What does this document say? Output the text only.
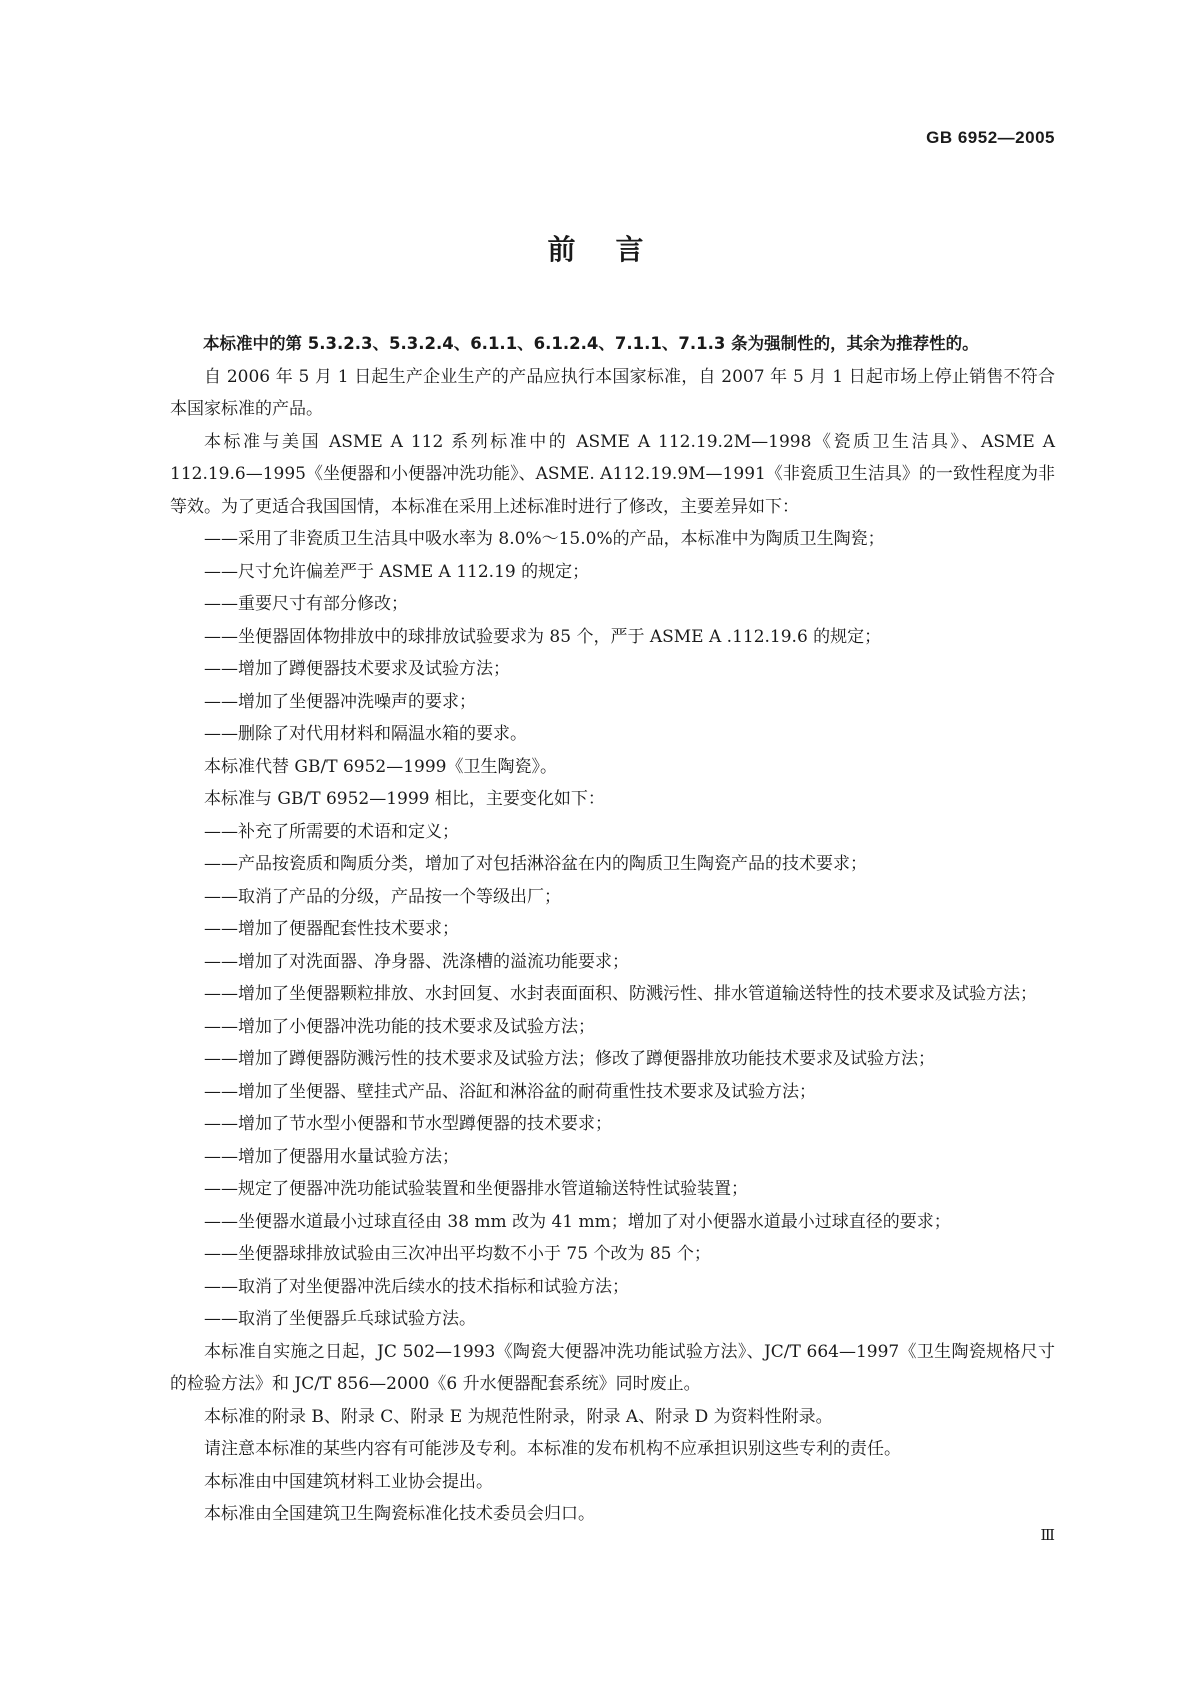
GB 6952—2005
前言

本标准中的第 5.3.2.3、5.3.2.4、6.1.1、6.1.2.4、7.1.1、7.1.3 条为强制性的，其余为推荐性的。

自 2006 年 5 月 1 日起生产企业生产的产品应执行本国家标准，自 2007 年 5 月 1 日起市场上停止销售不符合本国家标准的产品。

本标准与美国 ASME A 112 系列标准中的 ASME A 112.19.2M—1998《瓷质卫生洁具》、ASME A 112.19.6—1995《坐便器和小便器冲洗功能》、ASME. A112.19.9M—1991《非瓷质卫生洁具》的一致性程度为非等效。为了更适合我国国情，本标准在采用上述标准时进行了修改，主要差异如下：

——采用了非瓷质卫生洁具中吸水率为 8.0%～15.0%的产品，本标准中为陶质卫生陶瓷；

——尺寸允许偏差严于 ASME A 112.19 的规定；

——重要尺寸有部分修改；

——坐便器固体物排放中的球排放试验要求为 85 个，严于 ASME A .112.19.6 的规定；

——增加了蹲便器技术要求及试验方法；

——增加了坐便器冲洗噪声的要求；

——删除了对代用材料和隔温水箱的要求。

本标准代替 GB/T 6952—1999《卫生陶瓷》。

本标准与 GB/T 6952—1999 相比，主要变化如下：

——补充了所需要的术语和定义；

——产品按瓷质和陶质分类，增加了对包括淋浴盆在内的陶质卫生陶瓷产品的技术要求；

——取消了产品的分级，产品按一个等级出厂；

——增加了便器配套性技术要求；

——增加了对洗面器、净身器、洗涤槽的溢流功能要求；

——增加了坐便器颗粒排放、水封回复、水封表面面积、防溅污性、排水管道输送特性的技术要求及试验方法；

——增加了小便器冲洗功能的技术要求及试验方法；

——增加了蹲便器防溅污性的技术要求及试验方法；修改了蹲便器排放功能技术要求及试验方法；

——增加了坐便器、壁挂式产品、浴缸和淋浴盆的耐荷重性技术要求及试验方法；

——增加了节水型小便器和节水型蹲便器的技术要求；

——增加了便器用水量试验方法；

——规定了便器冲洗功能试验装置和坐便器排水管道输送特性试验装置；

——坐便器水道最小过球直径由 38 mm 改为 41 mm；增加了对小便器水道最小过球直径的要求；

——坐便器球排放试验由三次冲出平均数不小于 75 个改为 85 个；

——取消了对坐便器冲洗后续水的技术指标和试验方法；

——取消了坐便器乒乓球试验方法。

本标准自实施之日起，JC 502—1993《陶瓷大便器冲洗功能试验方法》、JC/T 664—1997《卫生陶瓷规格尺寸的检验方法》和 JC/T 856—2000《6 升水便器配套系统》同时废止。

本标准的附录 B、附录 C、附录 E 为规范性附录，附录 A、附录 D 为资料性附录。

请注意本标准的某些内容有可能涉及专利。本标准的发布机构不应承担识别这些专利的责任。

本标准由中国建筑材料工业协会提出。

本标准由全国建筑卫生陶瓷标准化技术委员会归口。

Ⅲ
